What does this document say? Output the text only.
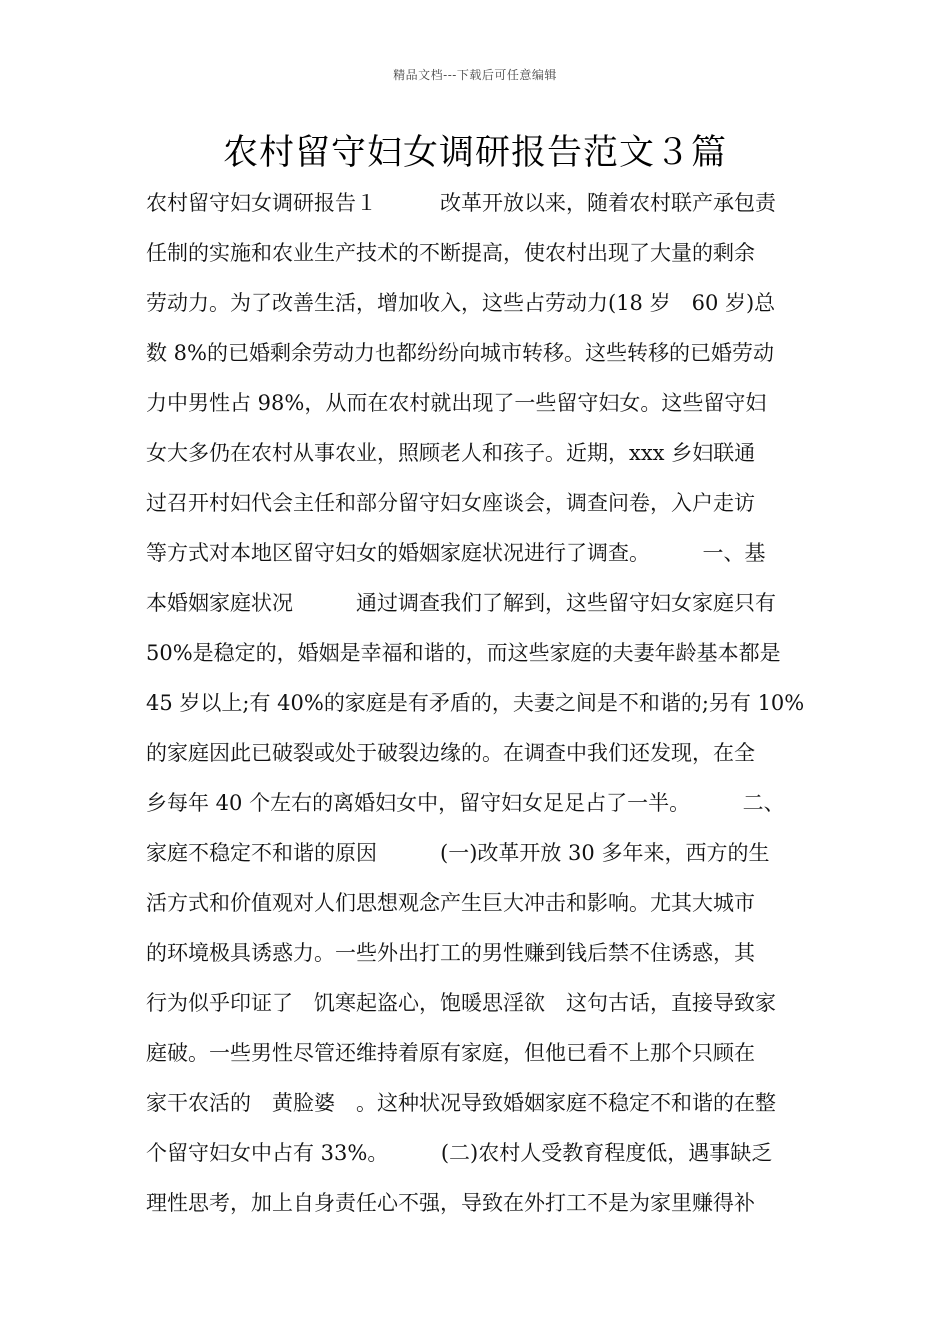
精品文档---下载后可任意编辑
农村留守妇女调研报告范文３篇
农村留守妇女调研报告１　　　改革开放以来，随着农村联产承包责
任制的实施和农业生产技术的不断提高，使农村出现了大量的剩余
劳动力。为了改善生活，增加收入，这些占劳动力(18 岁　60 岁)总
数 8%的已婚剩余劳动力也都纷纷向城市转移。这些转移的已婚劳动
力中男性占 98%，从而在农村就出现了一些留守妇女。这些留守妇
女大多仍在农村从事农业，照顾老人和孩子。近期，xxx 乡妇联通
过召开村妇代会主任和部分留守妇女座谈会，调查问卷，入户走访
等方式对本地区留守妇女的婚姻家庭状况进行了调查。　　　一、基
本婚姻家庭状况　　　通过调查我们了解到，这些留守妇女家庭只有
50%是稳定的，婚姻是幸福和谐的，而这些家庭的夫妻年龄基本都是
45 岁以上;有 40%的家庭是有矛盾的，夫妻之间是不和谐的;另有 10%
的家庭因此已破裂或处于破裂边缘的。在调查中我们还发现，在全
乡每年 40 个左右的离婚妇女中，留守妇女足足占了一半。　　　二、
家庭不稳定不和谐的原因　　　(一)改革开放 30 多年来，西方的生
活方式和价值观对人们思想观念产生巨大冲击和影响。尤其大城市
的环境极具诱惑力。一些外出打工的男性赚到钱后禁不住诱惑，其
行为似乎印证了　饥寒起盗心，饱暖思淫欲　这句古话，直接导致家
庭破。一些男性尽管还维持着原有家庭，但他已看不上那个只顾在
家干农活的　黄脸婆　。这种状况导致婚姻家庭不稳定不和谐的在整
个留守妇女中占有 33%。　　　(二)农村人受教育程度低，遇事缺乏
理性思考，加上自身责任心不强，导致在外打工不是为家里赚得补
